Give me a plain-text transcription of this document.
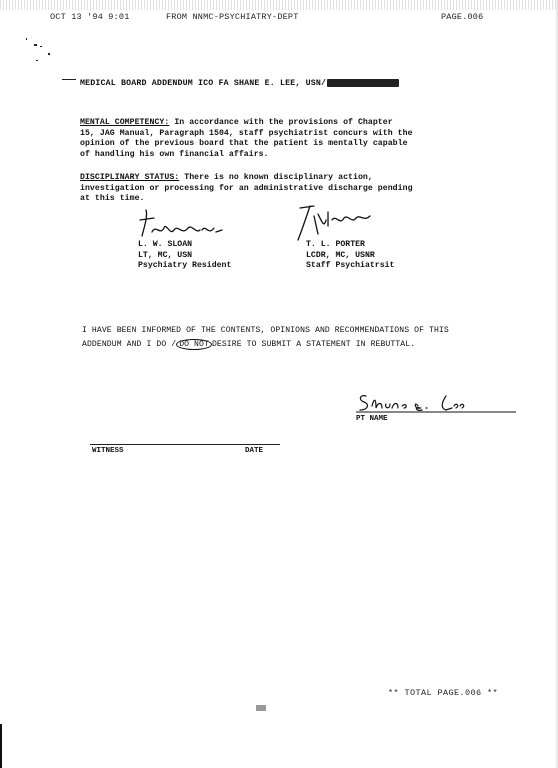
OCT 13 '94 9:01	FROM NNMC-PSYCHIATRY-DEPT	PAGE.006
MEDICAL BOARD ADDENDUM ICO FA SHANE E. LEE, USN/
MENTAL COMPETENCY: In accordance with the provisions of Chapter
15, JAG Manual, Paragraph 1504, staff psychiatrist concurs with the
opinion of the previous board that the patient is mentally capable
of handling his own financial affairs.
DISCIPLINARY STATUS: There is no known disciplinary action,
investigation or processing for an administrative discharge pending
at this time.
L. W. SLOAN
LT, MC, USN
Psychiatry Resident
T. L. PORTER
LCDR, MC, USNR
Staff Psychiatrsit
I HAVE BEEN INFORMED OF THE CONTENTS, OPINIONS AND RECOMMENDATIONS OF THIS
ADDENDUM AND I DO / DO NOT DESIRE TO SUBMIT A STATEMENT IN REBUTTAL.
PT NAME
WITNESS	DATE
** TOTAL PAGE.006 **
